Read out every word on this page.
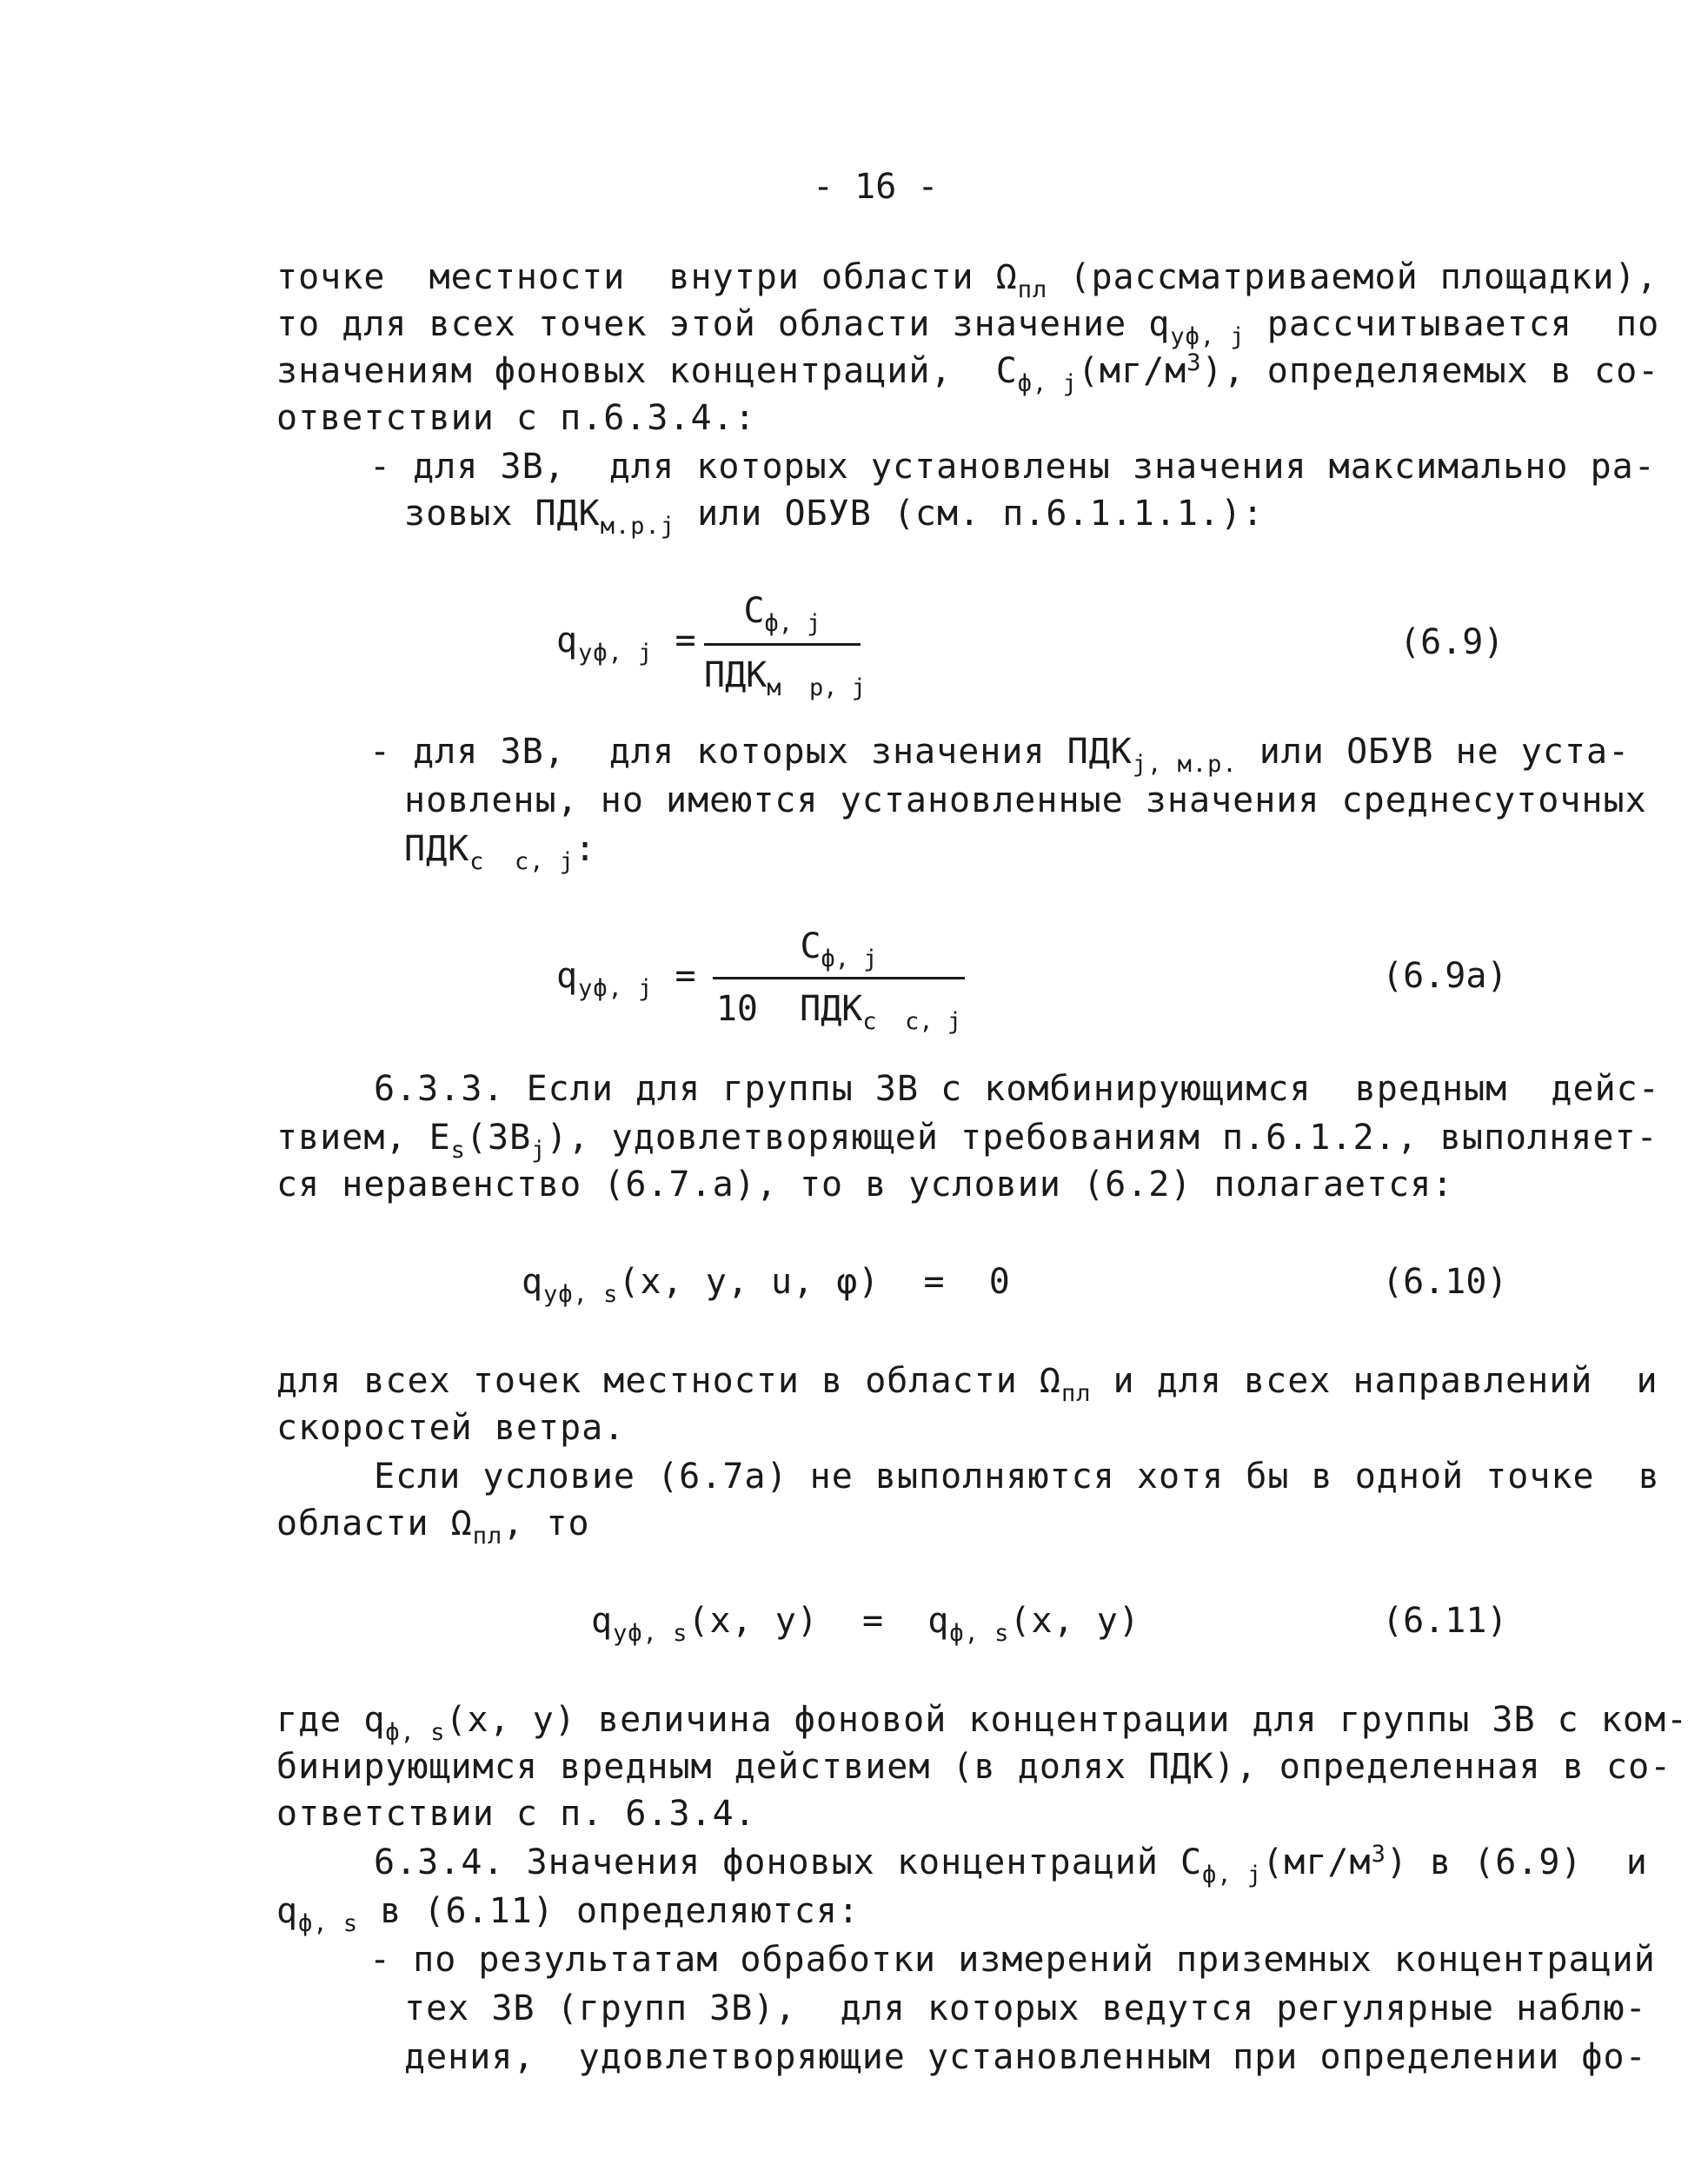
- 16 -
точке  местности  внутри области $\Omega_{пл}$ (рассматриваемой площадки),
то для всех точек этой области значение $q_{уф, j}$ рассчитывается  по
значениям фоновых концентраций,  $С_{ф, j}(мг/м^3)$, определяемых в со-
ответствии с п.6.3.4.:
- для ЗВ,  для которых установлены значения максимально ра-
зовых $ПДК_{м.р.j}$ или ОБУВ (см. п.6.1.1.1.):
$q_{уф, j}$ =
$С_{ф, j}$
$ПДК_{м р, j}$
(6.9)
- для ЗВ,  для которых значения $ПДК_{j, м.р.}$ или ОБУВ не уста-
новлены, но имеются установленные значения среднесуточных
$ПДК_{с с, j}$:
$q_{уф, j}$ =
$С_{ф, j}$
10  $ПДК_{с с, j}$
(6.9а)
6.3.3. Если для группы ЗВ с комбинирующимся  вредным  дейс-
твием, $E_s(ЗВ_j)$, удовлетворяющей требованиям п.6.1.2., выполняет-
ся неравенство (6.7.а), то в условии (6.2) полагается:
$q_{уф, s}(x$, y, u, φ)  =  0	(6.10)
для всех точек местности в области $\Omega_{пл}$ и для всех направлений  и
скоростей ветра.
Если условие (6.7а) не выполняются хотя бы в одной точке  в
области $\Omega_{пл}$, то
$q_{уф, s}(x$, $y) = q_{ф, s}(x$, y)	(6.11)
где $q_{ф, s}(x$, y) величина фоновой концентрации для группы ЗВ с ком-
бинирующимся вредным действием (в долях ПДК), определенная в со-
ответствии с п. 6.3.4.
6.3.4. Значения фоновых концентраций $С_{ф, j}(мг/м^3)$ в (6.9)  и
$q_{ф, s}$ в (6.11) определяются:
- по результатам обработки измерений приземных концентраций
тех ЗВ (групп ЗВ),  для которых ведутся регулярные наблю-
дения,  удовлетворяющие установленным при определении фо-
